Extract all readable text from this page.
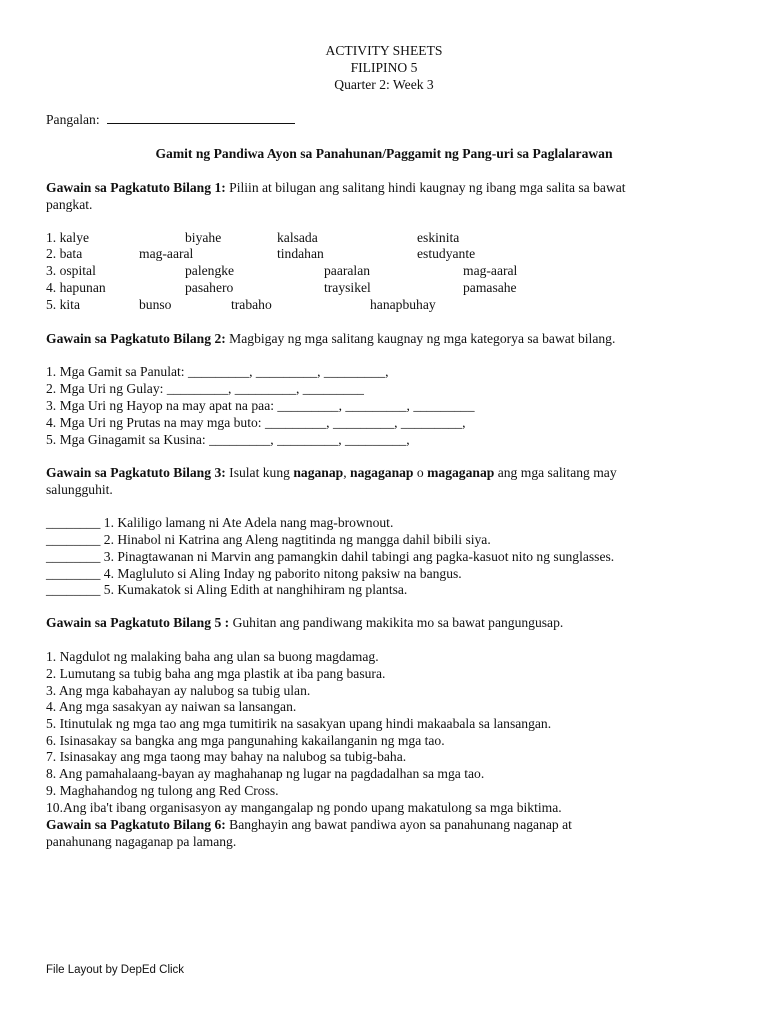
ACTIVITY SHEETS
FILIPINO 5
Quarter 2: Week 3
Pangalan:
Gamit ng Pandiwa Ayon sa Panahunan/Paggamit ng Pang-uri sa Paglalarawan
Gawain sa Pagkatuto Bilang 1: Piliin at bilugan ang salitang hindi kaugnay ng ibang mga salita sa bawat
pangkat.
1. kalye	biyahe	kalsada	eskinita
2. bata	mag-aaral	tindahan	estudyante
3. ospital	palengke	paaralan	mag-aaral
4. hapunan	pasahero	traysikel	pamasahe
5. kita	bunso	trabaho	hanapbuhay
Gawain sa Pagkatuto Bilang 2: Magbigay ng mga salitang kaugnay ng mga kategorya sa bawat bilang.
1. Mga Gamit sa Panulat: _________, _________, _________,
2. Mga Uri ng Gulay: _________, _________, _________
3. Mga Uri ng Hayop na may apat na paa: _________, _________, _________
4. Mga Uri ng Prutas na may mga buto: _________, _________, _________,
5. Mga Ginagamit sa Kusina: _________, _________, _________,
Gawain sa Pagkatuto Bilang 3: Isulat kung naganap, nagaganap o magaganap ang mga salitang may
salungguhit.
________ 1. Kaliligo lamang ni Ate Adela nang mag-brownout.
________ 2. Hinabol ni Katrina ang Aleng nagtitinda ng mangga dahil bibili siya.
________ 3. Pinagtawanan ni Marvin ang pamangkin dahil tabingi ang pagka-kasuot nito ng sunglasses.
________ 4. Magluluto si Aling Inday ng paborito nitong paksiw na bangus.
________ 5. Kumakatok si Aling Edith at nanghihiram ng plantsa.
Gawain sa Pagkatuto Bilang 5 : Guhitan ang pandiwang makikita mo sa bawat pangungusap.
1. Nagdulot ng malaking baha ang ulan sa buong magdamag.
2. Lumutang sa tubig baha ang mga plastik at iba pang basura.
3. Ang mga kabahayan ay nalubog sa tubig ulan.
4. Ang mga sasakyan ay naiwan sa lansangan.
5. Itinutulak ng mga tao ang mga tumitirik na sasakyan upang hindi makaabala sa lansangan.
6. Isinasakay sa bangka ang mga pangunahing kakailanganin ng mga tao.
7. Isinasakay ang mga taong may bahay na nalubog sa tubig-baha.
8. Ang pamahalaang-bayan ay maghahanap ng lugar na pagdadalhan sa mga tao.
9. Maghahandog ng tulong ang Red Cross.
10.Ang iba't ibang organisasyon ay mangangalap ng pondo upang makatulong sa mga biktima.
Gawain sa Pagkatuto Bilang 6: Banghayin ang bawat pandiwa ayon sa panahunang naganap at
panahunang nagaganap pa lamang.
File Layout by DepEd Click
